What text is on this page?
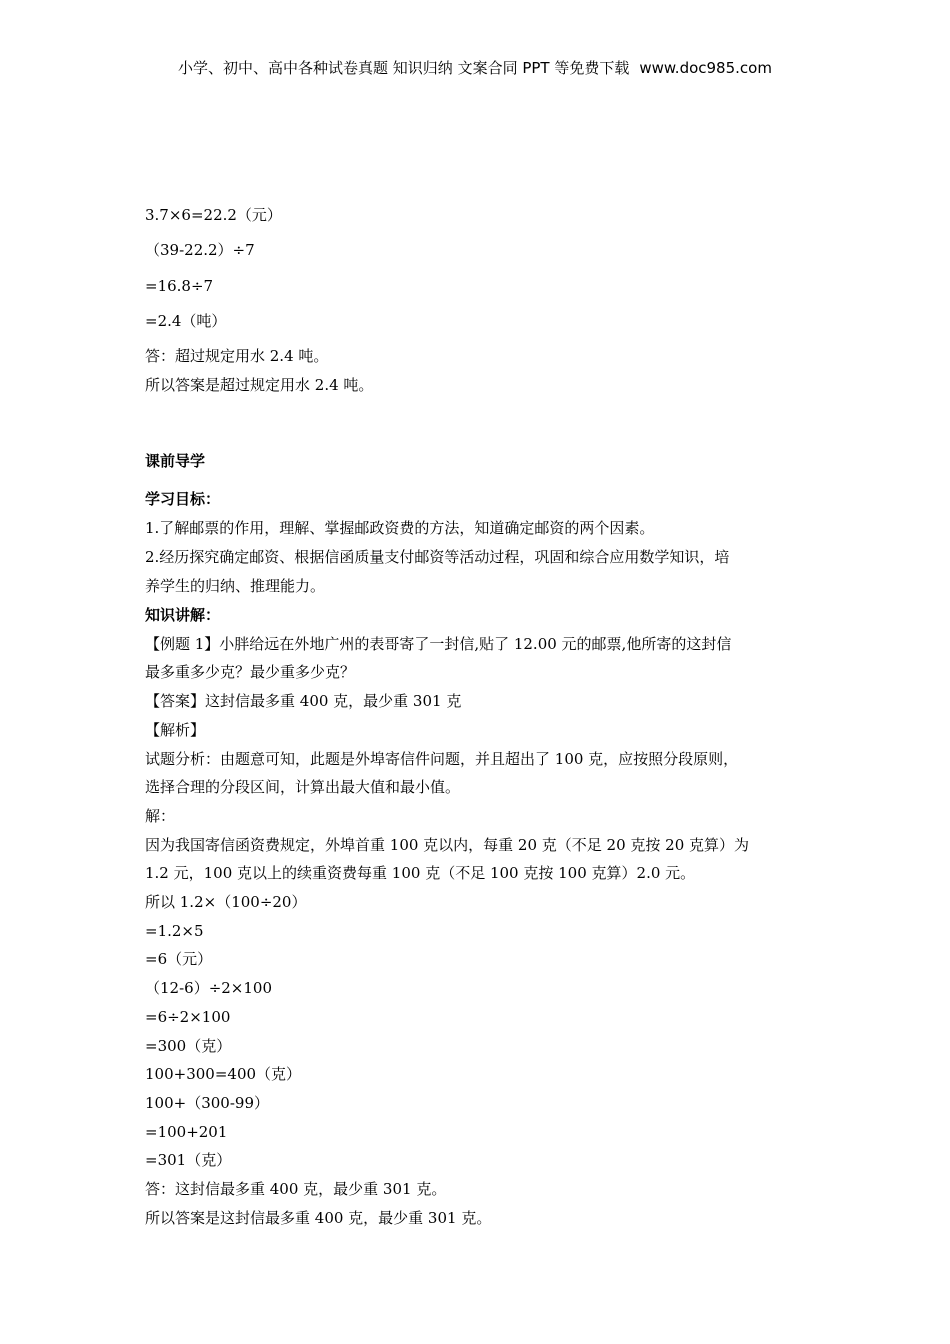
小学、初中、高中各种试卷真题 知识归纳 文案合同 PPT 等免费下载 www.doc985.com
3.7×6=22.2（元）
（39-22.2）÷7
=16.8÷7
=2.4（吨）
答：超过规定用水 2.4 吨。
所以答案是超过规定用水 2.4 吨。
课前导学
学习目标：
1.了解邮票的作用，理解、掌握邮政资费的方法，知道确定邮资的两个因素。
2.经历探究确定邮资、根据信函质量支付邮资等活动过程，巩固和综合应用数学知识，培
养学生的归纳、推理能力。
知识讲解：
【例题 1】小胖给远在外地广州的表哥寄了一封信,贴了 12.00 元的邮票,他所寄的这封信
最多重多少克？最少重多少克？
【答案】这封信最多重 400 克，最少重 301 克
【解析】
试题分析：由题意可知，此题是外埠寄信件问题，并且超出了 100 克，应按照分段原则，
选择合理的分段区间，计算出最大值和最小值。
解：
因为我国寄信函资费规定，外埠首重 100 克以内，每重 20 克（不足 20 克按 20 克算）为
1.2 元，100 克以上的续重资费每重 100 克（不足 100 克按 100 克算）2.0 元。
所以 1.2×（100÷20）
=1.2×5
=6（元）
（12-6）÷2×100
=6÷2×100
=300（克）
100+300=400（克）
100+（300-99）
=100+201
=301（克）
答：这封信最多重 400 克，最少重 301 克。
所以答案是这封信最多重 400 克，最少重 301 克。
